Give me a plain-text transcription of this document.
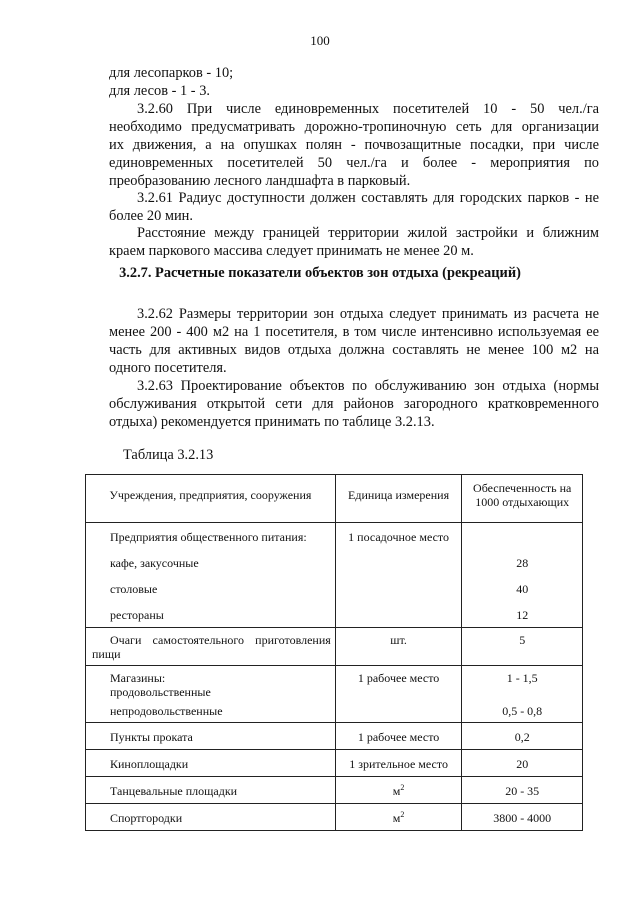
100
для лесопарков - 10;
для лесов - 1 - 3.
3.2.60 При числе единовременных посетителей 10 - 50 чел./га
необходимо предусматривать дорожно-тропиночную сеть для организации
их движения, а на опушках полян - почвозащитные посадки, при числе
единовременных посетителей 50 чел./га и более - мероприятия по
преобразованию лесного ландшафта в парковый.
3.2.61 Радиус доступности должен составлять для городских парков - не
более 20 мин.
Расстояние между границей территории жилой застройки и ближним
краем паркового массива следует принимать не менее 20 м.
3.2.7. Расчетные показатели объектов зон отдыха (рекреаций)
3.2.62 Размеры территории зон отдыха следует принимать из расчета не
менее 200 - 400 м2 на 1 посетителя, в том числе интенсивно используемая ее
часть для активных видов отдыха должна составлять не менее 100 м2 на
одного посетителя.
3.2.63 Проектирование объектов по обслуживанию зон отдыха (нормы
обслуживания открытой сети для районов загородного кратковременного
отдыха) рекомендуется принимать по таблице 3.2.13.
Таблица 3.2.13
Учреждения, предприятия, сооружения	Единица измерения	Обеспеченность на 1000 отдыхающих

Предприятия общественного питания:	1 посадочное место	

кафе, закусочные		28

столовые		40

рестораны		12

Очаги самостоятельного приготовления пищи	шт.	5

Магазины:
продовольственные	1 рабочее место	1 - 1,5

непродовольственные		0,5 - 0,8

Пункты проката	1 рабочее место	0,2

Киноплощадки	1 зрительное место	20

Танцевальные площадки	$м^2$	20 - 35

Спортгородки	$м^2$	3800 - 4000
